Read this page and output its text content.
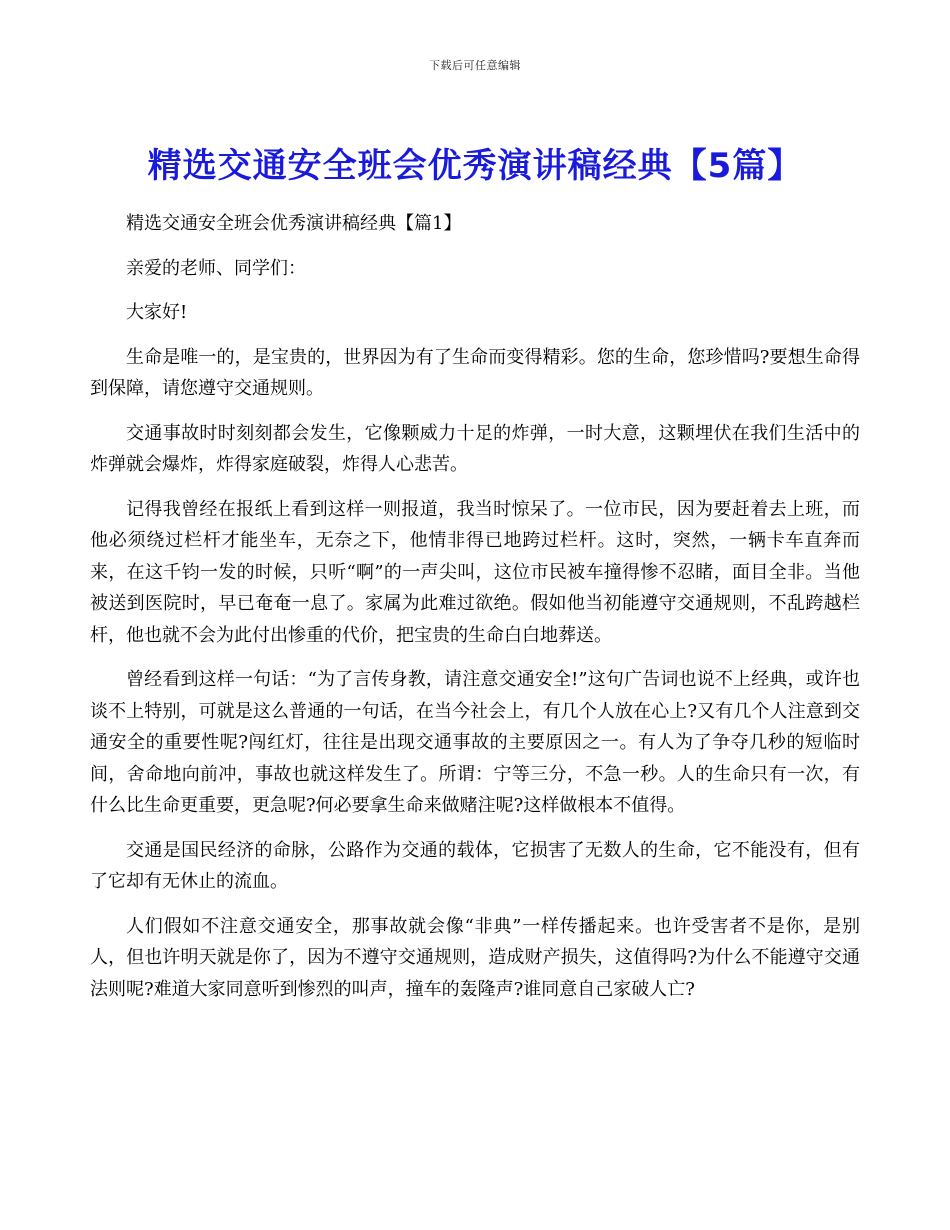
下载后可任意编辑
精选交通安全班会优秀演讲稿经典【5篇】

精选交通安全班会优秀演讲稿经典【篇1】

亲爱的老师、同学们：

大家好!

生命是唯一的，是宝贵的，世界因为有了生命而变得精彩。您的生命，您珍惜吗?要想生命得到保障，请您遵守交通规则。

交通事故时时刻刻都会发生，它像颗威力十足的炸弹，一时大意，这颗埋伏在我们生活中的炸弹就会爆炸，炸得家庭破裂，炸得人心悲苦。

记得我曾经在报纸上看到这样一则报道，我当时惊呆了。一位市民，因为要赶着去上班，而他必须绕过栏杆才能坐车，无奈之下，他情非得已地跨过栏杆。这时，突然，一辆卡车直奔而来，在这千钧一发的时候，只听“啊”的一声尖叫，这位市民被车撞得惨不忍睹，面目全非。当他被送到医院时，早已奄奄一息了。家属为此难过欲绝。假如他当初能遵守交通规则，不乱跨越栏杆，他也就不会为此付出惨重的代价，把宝贵的生命白白地葬送。

曾经看到这样一句话：“为了言传身教，请注意交通安全!”这句广告词也说不上经典，或许也谈不上特别，可就是这么普通的一句话，在当今社会上，有几个人放在心上?又有几个人注意到交通安全的重要性呢?闯红灯，往往是出现交通事故的主要原因之一。有人为了争夺几秒的短临时间，舍命地向前冲，事故也就这样发生了。所谓：宁等三分，不急一秒。人的生命只有一次，有什么比生命更重要，更急呢?何必要拿生命来做赌注呢?这样做根本不值得。

交通是国民经济的命脉，公路作为交通的载体，它损害了无数人的生命，它不能没有，但有了它却有无休止的流血。

人们假如不注意交通安全，那事故就会像“非典”一样传播起来。也许受害者不是你，是别人，但也许明天就是你了，因为不遵守交通规则，造成财产损失，这值得吗?为什么不能遵守交通法则呢?难道大家同意听到惨烈的叫声，撞车的轰隆声?谁同意自己家破人亡?
